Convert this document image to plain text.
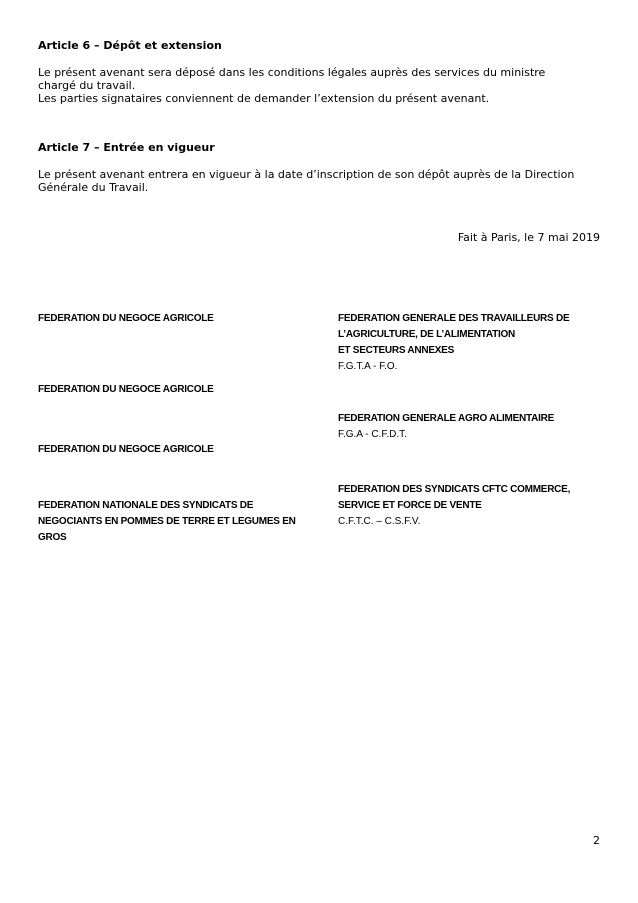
Article 6 – Dépôt et extension
Le présent avenant sera déposé dans les conditions légales auprès des services du ministre
chargé du travail.
Les parties signataires conviennent de demander l’extension du présent avenant.
Article 7 – Entrée en vigueur
Le présent avenant entrera en vigueur à la date d’inscription de son dépôt auprès de la Direction
Générale du Travail.
Fait à Paris, le 7 mai 2019
FEDERATION DU NEGOCE AGRICOLE
FEDERATION DU NEGOCE AGRICOLE
FEDERATION DU NEGOCE AGRICOLE
FEDERATION NATIONALE DES SYNDICATS DE
NEGOCIANTS EN POMMES DE TERRE ET LEGUMES EN
GROS
FEDERATION GENERALE DES TRAVAILLEURS DE
L’AGRICULTURE, DE L’ALIMENTATION
ET SECTEURS ANNEXES
F.G.T.A - F.O.
FEDERATION GENERALE AGRO ALIMENTAIRE
F.G.A - C.F.D.T.
FEDERATION DES SYNDICATS CFTC COMMERCE,
SERVICE ET FORCE DE VENTE
C.F.T.C. – C.S.F.V.
2
